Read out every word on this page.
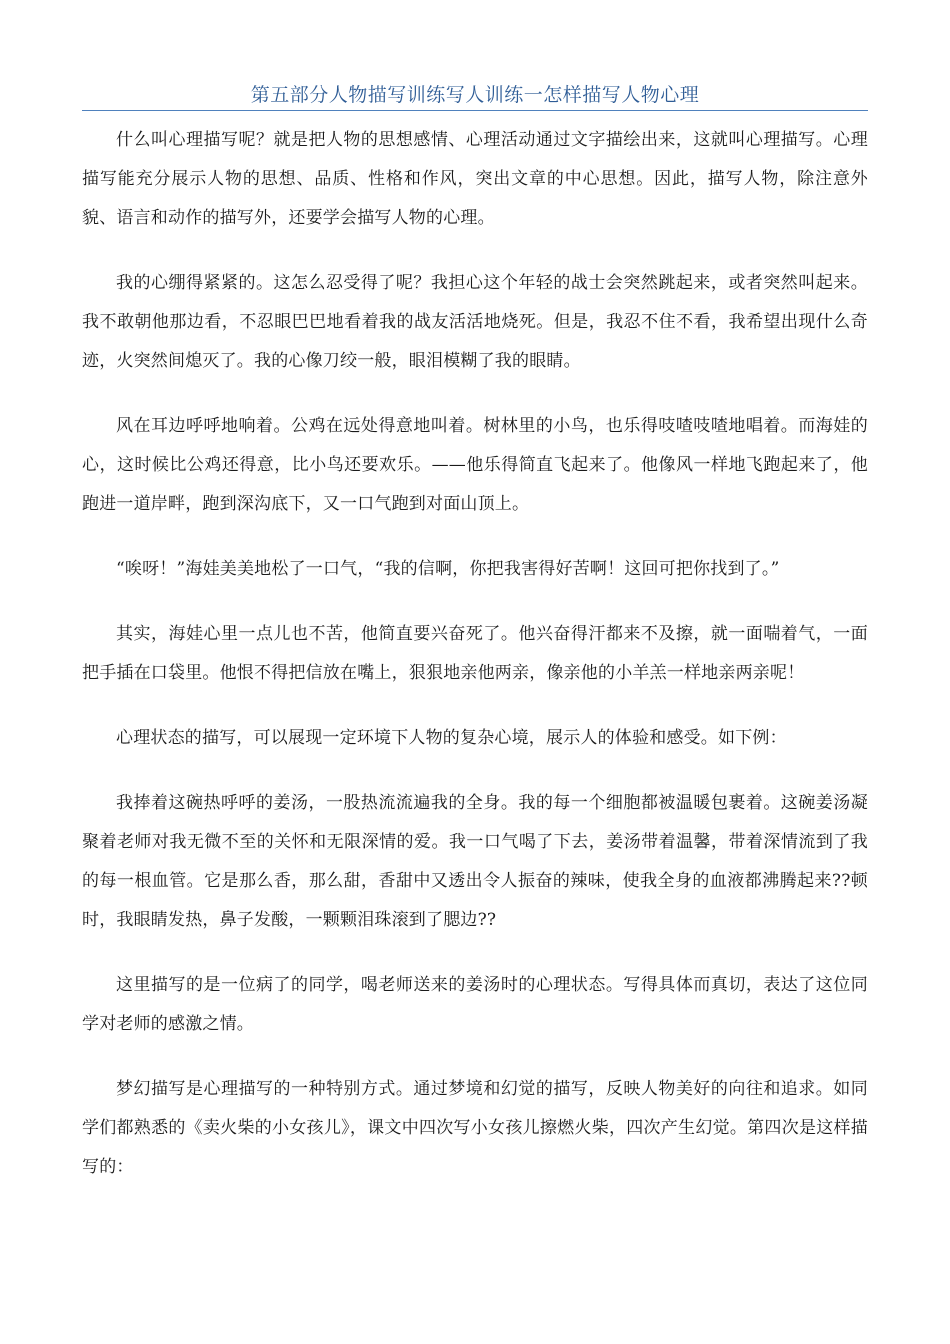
第五部分人物描写训练写人训练一怎样描写人物心理

什么叫心理描写呢？就是把人物的思想感情、心理活动通过文字描绘出来，这就叫心理描写。心理描写能充分展示人物的思想、品质、性格和作风，突出文章的中心思想。因此，描写人物，除注意外貌、语言和动作的描写外，还要学会描写人物的心理。

我的心绷得紧紧的。这怎么忍受得了呢？我担心这个年轻的战士会突然跳起来，或者突然叫起来。我不敢朝他那边看，不忍眼巴巴地看着我的战友活活地烧死。但是，我忍不住不看，我希望出现什么奇迹，火突然间熄灭了。我的心像刀绞一般，眼泪模糊了我的眼睛。

风在耳边呼呼地响着。公鸡在远处得意地叫着。树林里的小鸟，也乐得吱喳吱喳地唱着。而海娃的心，这时候比公鸡还得意，比小鸟还要欢乐。——他乐得简直飞起来了。他像风一样地飞跑起来了，他跑进一道岸畔，跑到深沟底下，又一口气跑到对面山顶上。

“唉呀！”海娃美美地松了一口气，“我的信啊，你把我害得好苦啊！这回可把你找到了。”

其实，海娃心里一点儿也不苦，他简直要兴奋死了。他兴奋得汗都来不及擦，就一面喘着气，一面把手插在口袋里。他恨不得把信放在嘴上，狠狠地亲他两亲，像亲他的小羊羔一样地亲两亲呢！

心理状态的描写，可以展现一定环境下人物的复杂心境，展示人的体验和感受。如下例：

我捧着这碗热呼呼的姜汤，一股热流流遍我的全身。我的每一个细胞都被温暖包裹着。这碗姜汤凝聚着老师对我无微不至的关怀和无限深情的爱。我一口气喝了下去，姜汤带着温馨，带着深情流到了我的每一根血管。它是那么香，那么甜，香甜中又透出令人振奋的辣味，使我全身的血液都沸腾起来??顿时，我眼睛发热，鼻子发酸，一颗颗泪珠滚到了腮边??

这里描写的是一位病了的同学，喝老师送来的姜汤时的心理状态。写得具体而真切，表达了这位同学对老师的感激之情。

梦幻描写是心理描写的一种特别方式。通过梦境和幻觉的描写，反映人物美好的向往和追求。如同学们都熟悉的《卖火柴的小女孩儿》，课文中四次写小女孩儿擦燃火柴，四次产生幻觉。第四次是这样描写的：
